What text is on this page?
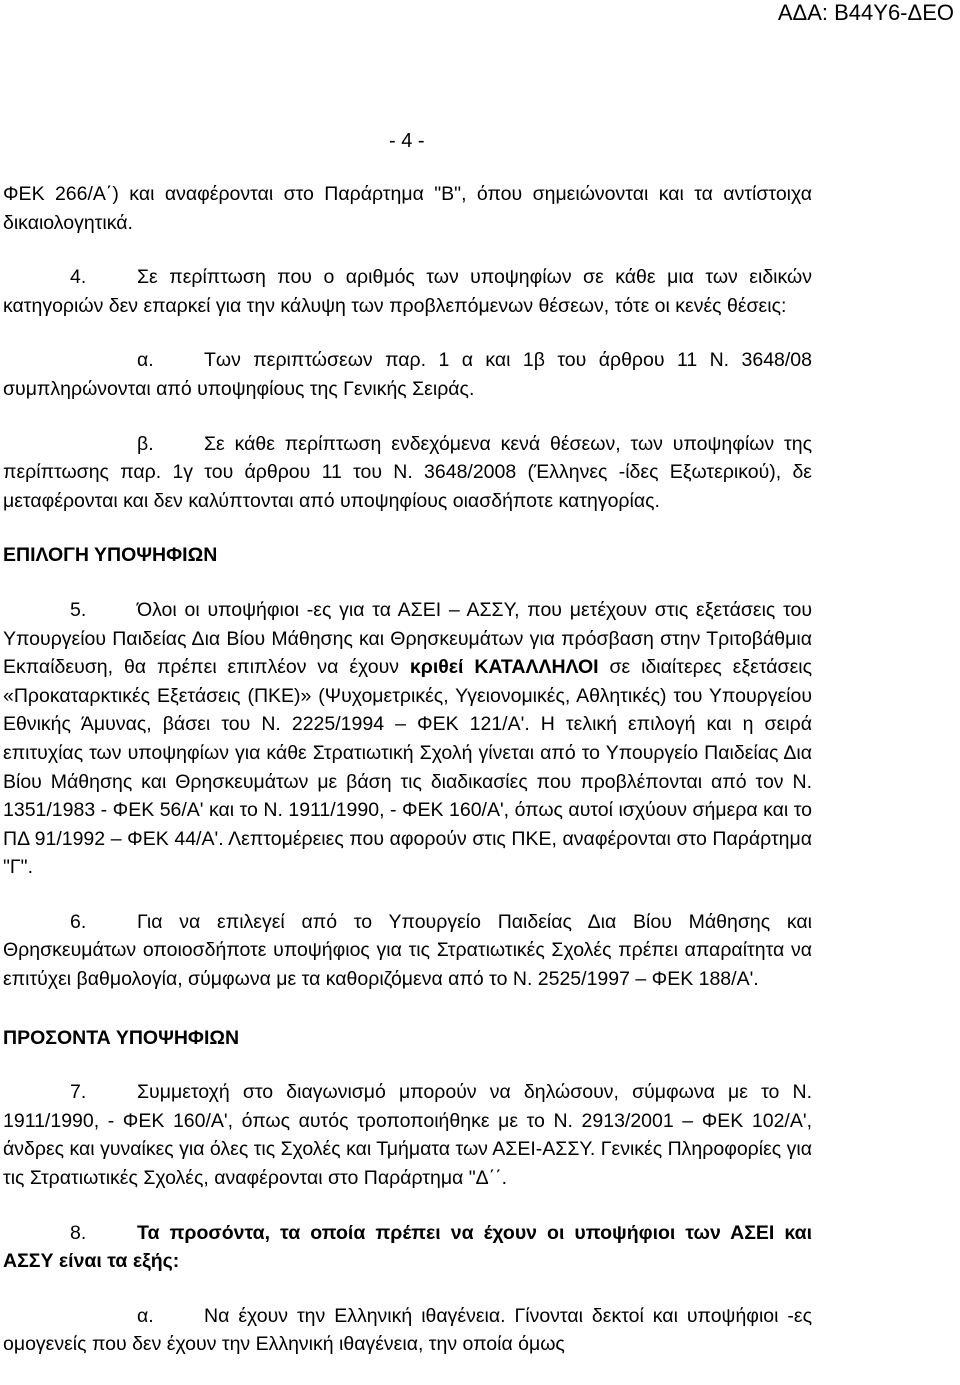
ΑΔΑ: Β44Υ6-ΔΕΟ
- 4 -

ΦΕΚ 266/Α΄) και αναφέρονται στο Παράρτημα "Β", όπου σημειώνονται και τα αντίστοιχα δικαιολογητικά.

4.	Σε περίπτωση που ο αριθμός των υποψηφίων σε κάθε μια των ειδικών κατηγοριών δεν επαρκεί για την κάλυψη των προβλεπόμενων θέσεων, τότε οι κενές θέσεις:

α.	Των περιπτώσεων παρ. 1 α και 1β του άρθρου 11 Ν. 3648/08 συμπληρώνονται από υποψηφίους της Γενικής Σειράς.

β.	Σε κάθε περίπτωση ενδεχόμενα κενά θέσεων, των υποψηφίων της περίπτωσης παρ. 1γ του άρθρου 11 του Ν. 3648/2008 (Έλληνες -ίδες Εξωτερικού), δε μεταφέρονται και δεν καλύπτονται από υποψηφίους οιασδήποτε κατηγορίας.

ΕΠΙΛΟΓΗ ΥΠΟΨΗΦΙΩΝ

5.	Όλοι οι υποψήφιοι -ες για τα ΑΣΕΙ – ΑΣΣΥ, που μετέχουν στις εξετάσεις του Υπουργείου Παιδείας Δια Βίου Μάθησης και Θρησκευμάτων για πρόσβαση στην Τριτοβάθμια Εκπαίδευση, θα πρέπει επιπλέον να έχουν κριθεί ΚΑΤΑΛΛΗΛΟΙ σε ιδιαίτερες εξετάσεις «Προκαταρκτικές Εξετάσεις (ΠΚΕ)» (Ψυχομετρικές, Υγειονομικές, Αθλητικές) του Υπουργείου Εθνικής Άμυνας, βάσει του Ν. 2225/1994 – ΦΕΚ 121/Α'. Η τελική επιλογή και η σειρά επιτυχίας των υποψηφίων για κάθε Στρατιωτική Σχολή γίνεται από το Υπουργείο Παιδείας Δια Βίου Μάθησης και Θρησκευμάτων με βάση τις διαδικασίες που προβλέπονται από τον Ν. 1351/1983 - ΦΕΚ 56/Α' και το Ν. 1911/1990, - ΦΕΚ 160/Α', όπως αυτοί ισχύουν σήμερα και το ΠΔ 91/1992 – ΦΕΚ 44/Α'. Λεπτομέρειες που αφορούν στις ΠΚΕ, αναφέρονται στο Παράρτημα "Γ".

6.	Για να επιλεγεί από το Υπουργείο Παιδείας Δια Βίου Μάθησης και Θρησκευμάτων οποιοσδήποτε υποψήφιος για τις Στρατιωτικές Σχολές πρέπει απαραίτητα να επιτύχει βαθμολογία, σύμφωνα με τα καθοριζόμενα από το Ν. 2525/1997 – ΦΕΚ 188/Α'.

ΠΡΟΣΟΝΤΑ ΥΠΟΨΗΦΙΩΝ

7.	Συμμετοχή στο διαγωνισμό μπορούν να δηλώσουν, σύμφωνα με το Ν. 1911/1990, - ΦΕΚ 160/Α', όπως αυτός τροποποιήθηκε με το Ν. 2913/2001 – ΦΕΚ 102/Α', άνδρες και γυναίκες για όλες τις Σχολές και Τμήματα των ΑΣΕΙ-ΑΣΣΥ. Γενικές Πληροφορίες για τις Στρατιωτικές Σχολές, αναφέρονται στο Παράρτημα "Δ΄΄.

8.	Τα προσόντα, τα οποία πρέπει να έχουν οι υποψήφιοι των ΑΣΕΙ και ΑΣΣΥ είναι τα εξής:

α.	Να έχουν την Ελληνική ιθαγένεια. Γίνονται δεκτοί και υποψήφιοι -ες ομογενείς που δεν έχουν την Ελληνική ιθαγένεια, την οποία όμως
